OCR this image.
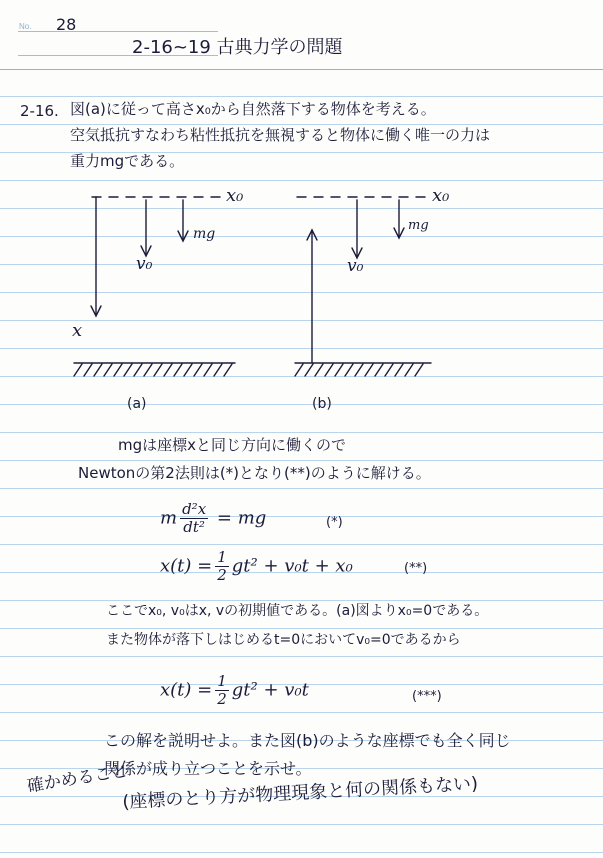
No. 28
2-16~19 古典力学の問題
2-16. 図(a)に従って高さx₀から自然落下する物体を考える。
空気抵抗すなわち粘性抵抗を無視すると物体に働く唯一の力は
重力mgである。
x₀
v₀
mg
x
(a)
x₀
v₀
mg
(b)
mgは座標xと同じ方向に働くので
Newtonの第2法則は(*)となり(**)のように解ける。
m $\frac{\text{d²x}}{\text{dt²}}$ = mg	(*)
$x(t) = \frac{1}{2} gt^2 + v_0t + x_0$	(**)
ここでx₀, v₀はx, vの初期値である。(a)図よりx₀=0である。
また物体が落下しはじめるt=0においてv₀=0であるから
$x(t) = \frac{1}{2} gt^2 + v_0t$	(***)
この解を説明せよ。また図(b)のような座標でも全く同じ
関係が成り立つことを示せ。
確かめること
(座標のとり方が物理現象と何の関係もない)
